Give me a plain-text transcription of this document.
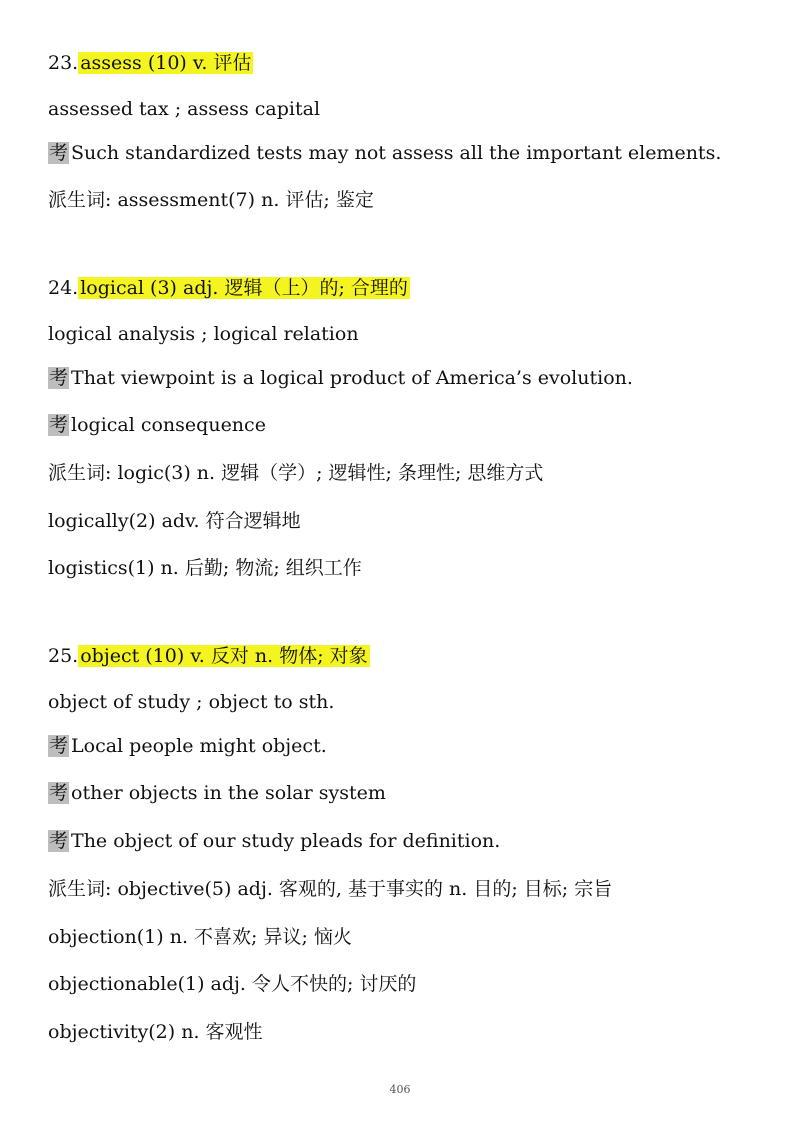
23. assess (10) v. 评估
assessed tax ; assess capital
考 Such standardized tests may not assess all the important elements.
派生词: assessment(7) n. 评估; 鉴定
24. logical (3) adj. 逻辑（上）的; 合理的
logical analysis ; logical relation
考 That viewpoint is a logical product of America’s evolution.
考 logical consequence
派生词: logic(3) n. 逻辑（学）; 逻辑性; 条理性; 思维方式
logically(2) adv. 符合逻辑地
logistics(1) n. 后勤; 物流; 组织工作
25. object (10) v. 反对 n. 物体; 对象
object of study ; object to sth.
考 Local people might object.
考 other objects in the solar system
考 The object of our study pleads for definition.
派生词: objective(5) adj. 客观的, 基于事实的 n. 目的; 目标; 宗旨
objection(1) n. 不喜欢; 异议; 恼火
objectionable(1) adj. 令人不快的; 讨厌的
objectivity(2) n. 客观性
406
